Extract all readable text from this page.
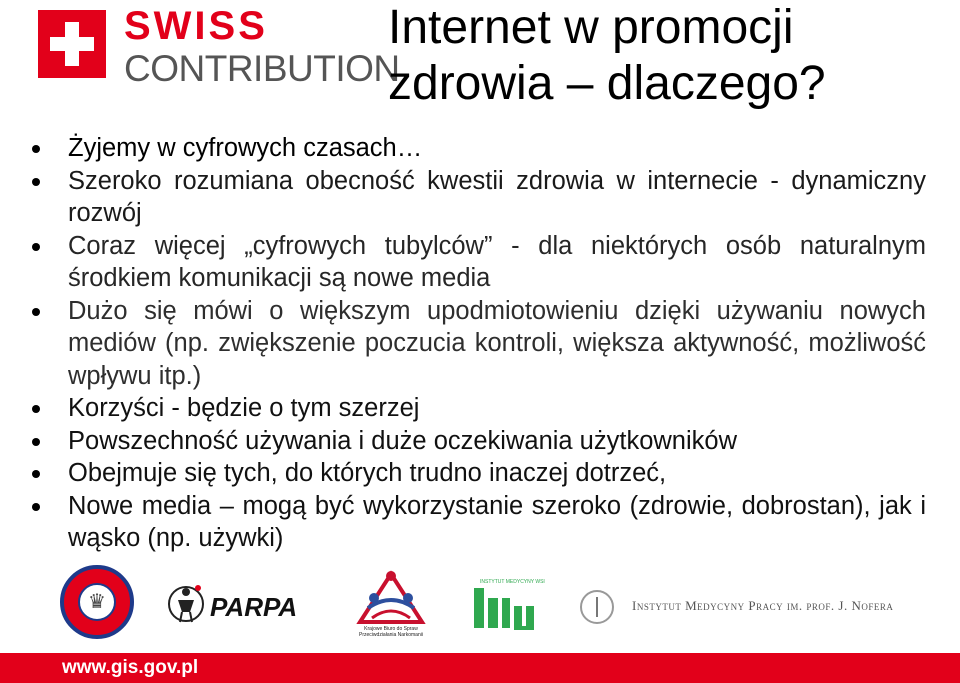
SWISS
CONTRIBUTION
Internet w promocji
zdrowia – dlaczego?
Żyjemy w cyfrowych czasach…
Szeroko rozumiana obecność kwestii zdrowia w internecie - dynamiczny rozwój
Coraz więcej „cyfrowych tubylców” - dla niektórych osób naturalnym środkiem komunikacji są nowe media
Dużo się mówi o większym upodmiotowieniu dzięki używaniu nowych mediów (np. zwiększenie poczucia kontroli, większa aktywność, możliwość wpływu itp.)
Korzyści - będzie o tym szerzej
Powszechność używania i duże oczekiwania użytkowników
Obejmuje się tych, do których trudno inaczej dotrzeć,
Nowe media – mogą być wykorzystanie szeroko (zdrowie, dobrostan), jak i wąsko (np. używki)
♛	PARPA
Krajowe Biuro do Spraw Przeciwdziałania Narkomanii
INSTYTUT MEDYCYNY WSI
Instytut Medycyny Pracy im. prof. J. Nofera
www.gis.gov.pl
